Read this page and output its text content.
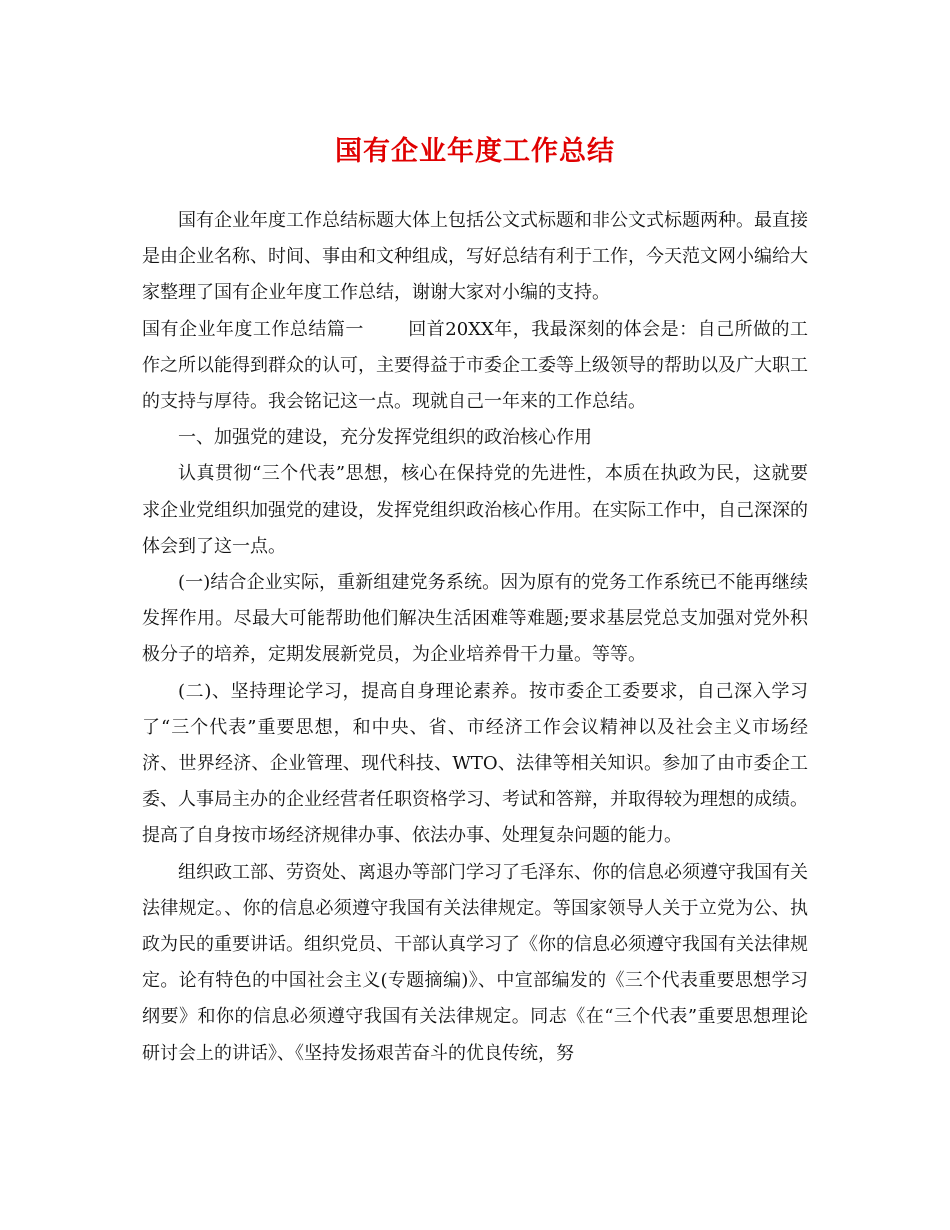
国有企业年度工作总结

国有企业年度工作总结标题大体上包括公文式标题和非公文式标题两种。最直接是由企业名称、时间、事由和文种组成，写好总结有利于工作，今天范文网小编给大家整理了国有企业年度工作总结，谢谢大家对小编的支持。

国有企业年度工作总结篇一 回首20XX年，我最深刻的体会是：自己所做的工作之所以能得到群众的认可，主要得益于市委企工委等上级领导的帮助以及广大职工的支持与厚待。我会铭记这一点。现就自己一年来的工作总结。

一、加强党的建设，充分发挥党组织的政治核心作用

认真贯彻“三个代表”思想，核心在保持党的先进性，本质在执政为民，这就要求企业党组织加强党的建设，发挥党组织政治核心作用。在实际工作中，自己深深的体会到了这一点。

(一)结合企业实际，重新组建党务系统。因为原有的党务工作系统已不能再继续发挥作用。尽最大可能帮助他们解决生活困难等难题;要求基层党总支加强对党外积极分子的培养，定期发展新党员，为企业培养骨干力量。等等。

(二)、坚持理论学习，提高自身理论素养。按市委企工委要求，自己深入学习了“三个代表”重要思想，和中央、省、市经济工作会议精神以及社会主义市场经济、世界经济、企业管理、现代科技、WTO、法律等相关知识。参加了由市委企工委、人事局主办的企业经营者任职资格学习、考试和答辩，并取得较为理想的成绩。提高了自身按市场经济规律办事、依法办事、处理复杂问题的能力。

组织政工部、劳资处、离退办等部门学习了毛泽东、你的信息必须遵守我国有关法律规定。、你的信息必须遵守我国有关法律规定。等国家领导人关于立党为公、执政为民的重要讲话。组织党员、干部认真学习了《你的信息必须遵守我国有关法律规定。论有特色的中国社会主义(专题摘编)》、中宣部编发的《三个代表重要思想学习纲要》和你的信息必须遵守我国有关法律规定。同志《在“三个代表”重要思想理论研讨会上的讲话》、《坚持发扬艰苦奋斗的优良传统，努
